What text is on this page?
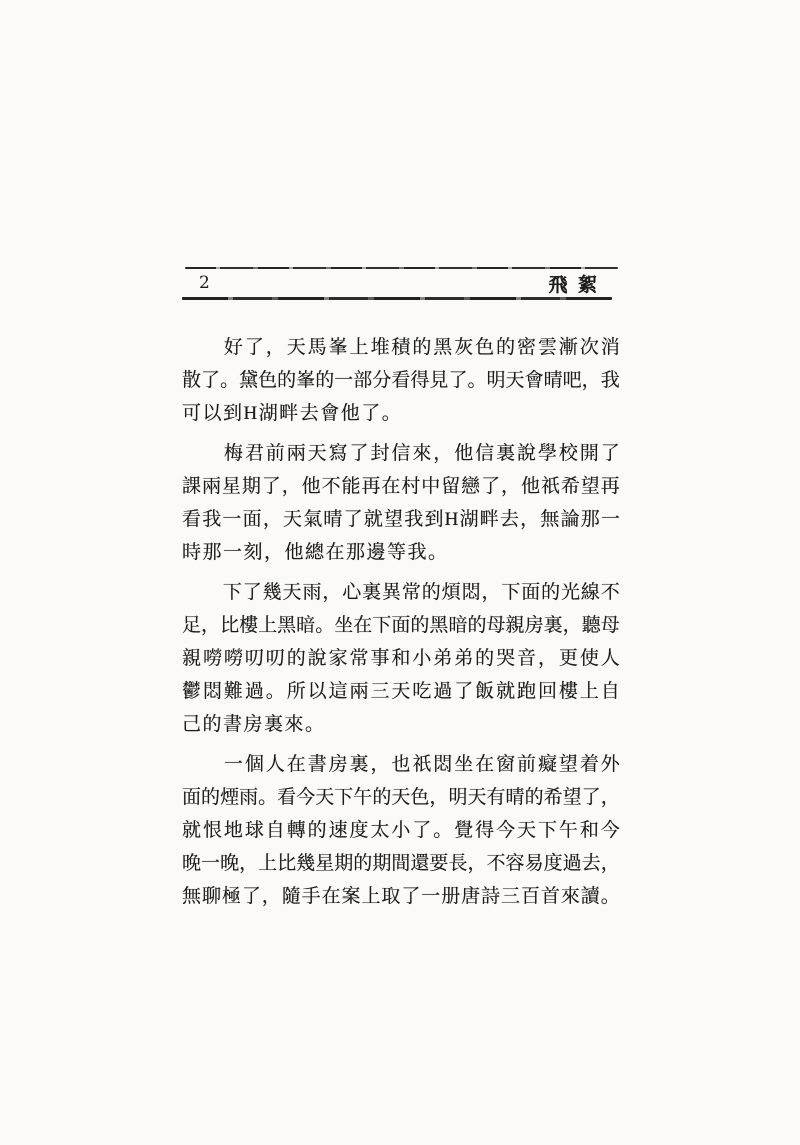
2	飛絮
好 了 ， 天 馬 峯 上 堆 積 的 黑 灰 色 的 密 雲 漸 次 消
散 了 。 黛 色 的 峯 的 一 部 分 看 得 見 了 。 明 天 會 晴 吧 ， 我
可以到H湖畔去會他了。
梅 君 前 兩 天 寫 了 封 信 來 ， 他 信 裏 說 學 校 開 了
課 兩 星 期 了 ， 他 不 能 再 在 村 中 留 戀 了 ， 他 祇 希 望 再
看 我 一 面 ， 天 氣 晴 了 就 望 我 到 H 湖 畔 去 ， 無 論 那 一
時那一刻，他總在那邊等我。
下 了 幾 天 雨 ， 心 裏 異 常 的 煩 悶 ， 下 面 的 光 線 不
足 ， 比 樓 上 黑 暗 。 坐 在 下 面 的 黑 暗 的 母 親 房 裏 ， 聽 母
親 嘮 嘮 叨 叨 的 說 家 常 事 和 小 弟 弟 的 哭 音 ， 更 使 人
鬱 悶 難 過 。 所 以 這 兩 三 天 吃 過 了 飯 就 跑 回 樓 上 自
己的書房裏來。
一 個 人 在 書 房 裏 ， 也 祇 悶 坐 在 窗 前 癡 望 着 外
面 的 煙 雨 。 看 今 天 下 午 的 天 色 ， 明 天 有 晴 的 希 望 了 ，
就 恨 地 球 自 轉 的 速 度 太 小 了 。 覺 得 今 天 下 午 和 今
晚 一 晚 ， 上 比 幾 星 期 的 期 間 還 要 長 ， 不 容 易 度 過 去 ，
無 聊 極 了 ， 隨 手 在 案 上 取 了 一 册 唐 詩 三 百 首 來 讀 。
